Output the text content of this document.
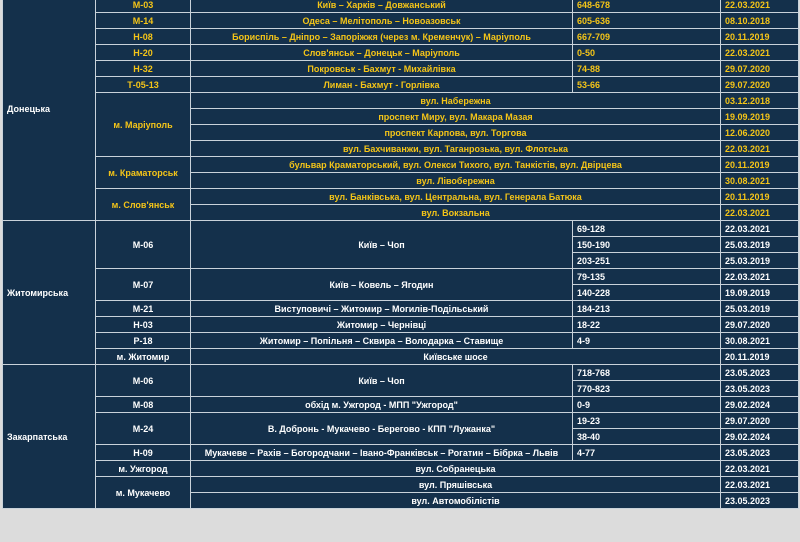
Донецька	М-03	Київ – Харків – Довжанський	648-678	22.03.2021
	М-14	Одеса – Мелітополь – Новоазовськ	605-636	08.10.2018
	Н-08	Бориспіль – Дніпро – Запоріжжя (через м. Кременчук) – Маріуполь	667-709	20.11.2019
	Н-20	Слов'янськ – Донецьк – Маріуполь	0-50	22.03.2021
	Н-32	Покровськ - Бахмут - Михайлівка	74-88	29.07.2020
	Т-05-13	Лиман - Бахмут - Горлівка	53-66	29.07.2020
	м. Маріуполь	вул. Набережна		03.12.2018
		проспект Миру, вул. Макара Мазая		19.09.2019
		проспект Карпова, вул. Торгова		12.06.2020
		вул. Бахчиванжи, вул. Таганрозька, вул. Флотська		22.03.2021
	м. Краматорськ	бульвар Краматорський, вул. Олекси Тихого, вул. Танкістів, вул. Двірцева		20.11.2019
		вул. Лівобережна		30.08.2021
	м. Слов'янськ	вул. Банківська, вул. Центральна, вул. Генерала Батюка		20.11.2019
		вул. Вокзальна		22.03.2021
Житомирська	М-06	Київ – Чоп	69-128	22.03.2021
			150-190	25.03.2019
			203-251	25.03.2019
	М-07	Київ – Ковель – Ягодин	79-135	22.03.2021
			140-228	19.09.2019
	М-21	Виступовичі – Житомир – Могилів-Подільський	184-213	25.03.2019
	Н-03	Житомир – Чернівці	18-22	29.07.2020
	Р-18	Житомир – Попільня – Сквира – Володарка – Ставище	4-9	30.08.2021
	м. Житомир	Київське шосе		20.11.2019
Закарпатська	М-06	Київ – Чоп	718-768	23.05.2023
			770-823	23.05.2023
	М-08	обхід м. Ужгород - МПП "Ужгород"	0-9	29.02.2024
	М-24	В. Добронь - Мукачево - Берегово - КПП "Лужанка"	19-23	29.07.2020
			38-40	29.02.2024
	Н-09	Мукачеве – Рахів – Богородчани – Івано-Франківськ – Рогатин – Бібрка – Львів	4-77	23.05.2023
	м. Ужгород	вул. Собранецька		22.03.2021
	м. Мукачево	вул. Пряшівська		22.03.2021
		вул. Автомобілістів		23.05.2023
